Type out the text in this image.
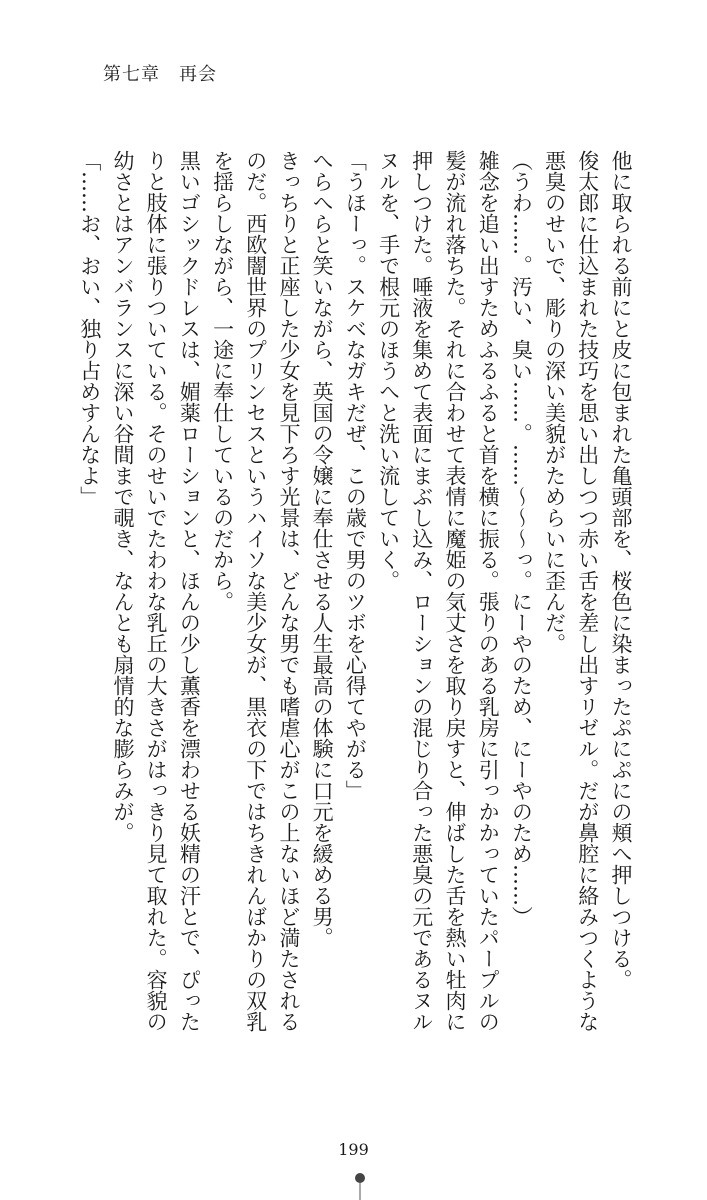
第七章　再会

他に取られる前にと皮に包まれた亀頭部を、桜色に染まったぷにぷにの頬へ押しつける。

俊太郎に仕込まれた技巧を思い出しつつ赤い舌を差し出すリゼル。だが鼻腔に絡みつくような悪臭のせいで、彫りの深い美貌がためらいに歪んだ。

（うわ……。汚い、臭い……。……〜〜〜っ。にーやのため、にーやのため……）

雑念を追い出すためふるふると首を横に振る。張りのある乳房に引っかかっていたパープルの髪が流れ落ちた。それに合わせて表情に魔姫の気丈さを取り戻すと、伸ばした舌を熱い牡肉に押しつけた。唾液を集めて表面にまぶし込み、ローションの混じり合った悪臭の元であるヌルヌルを、手で根元のほうへと洗い流していく。

「うほーっ。スケベなガキだぜ、この歳で男のツボを心得てやがる」

へらへらと笑いながら、英国の令嬢に奉仕させる人生最高の体験に口元を緩める男。

きっちりと正座した少女を見下ろす光景は、どんな男でも嗜虐心がこの上ないほど満たされるのだ。西欧闇世界のプリンセスというハイソな美少女が、黒衣の下ではちきれんばかりの双乳を揺らしながら、一途に奉仕しているのだから。

黒いゴシックドレスは、媚薬ローションと、ほんの少し薫香を漂わせる妖精の汗とで、ぴったりと肢体に張りついている。そのせいでたわわな乳丘の大きさがはっきり見て取れた。容貌の幼さとはアンバランスに深い谷間まで覗き、なんとも扇情的な膨らみが。

「……お、おい、独り占めすんなよ」

199
